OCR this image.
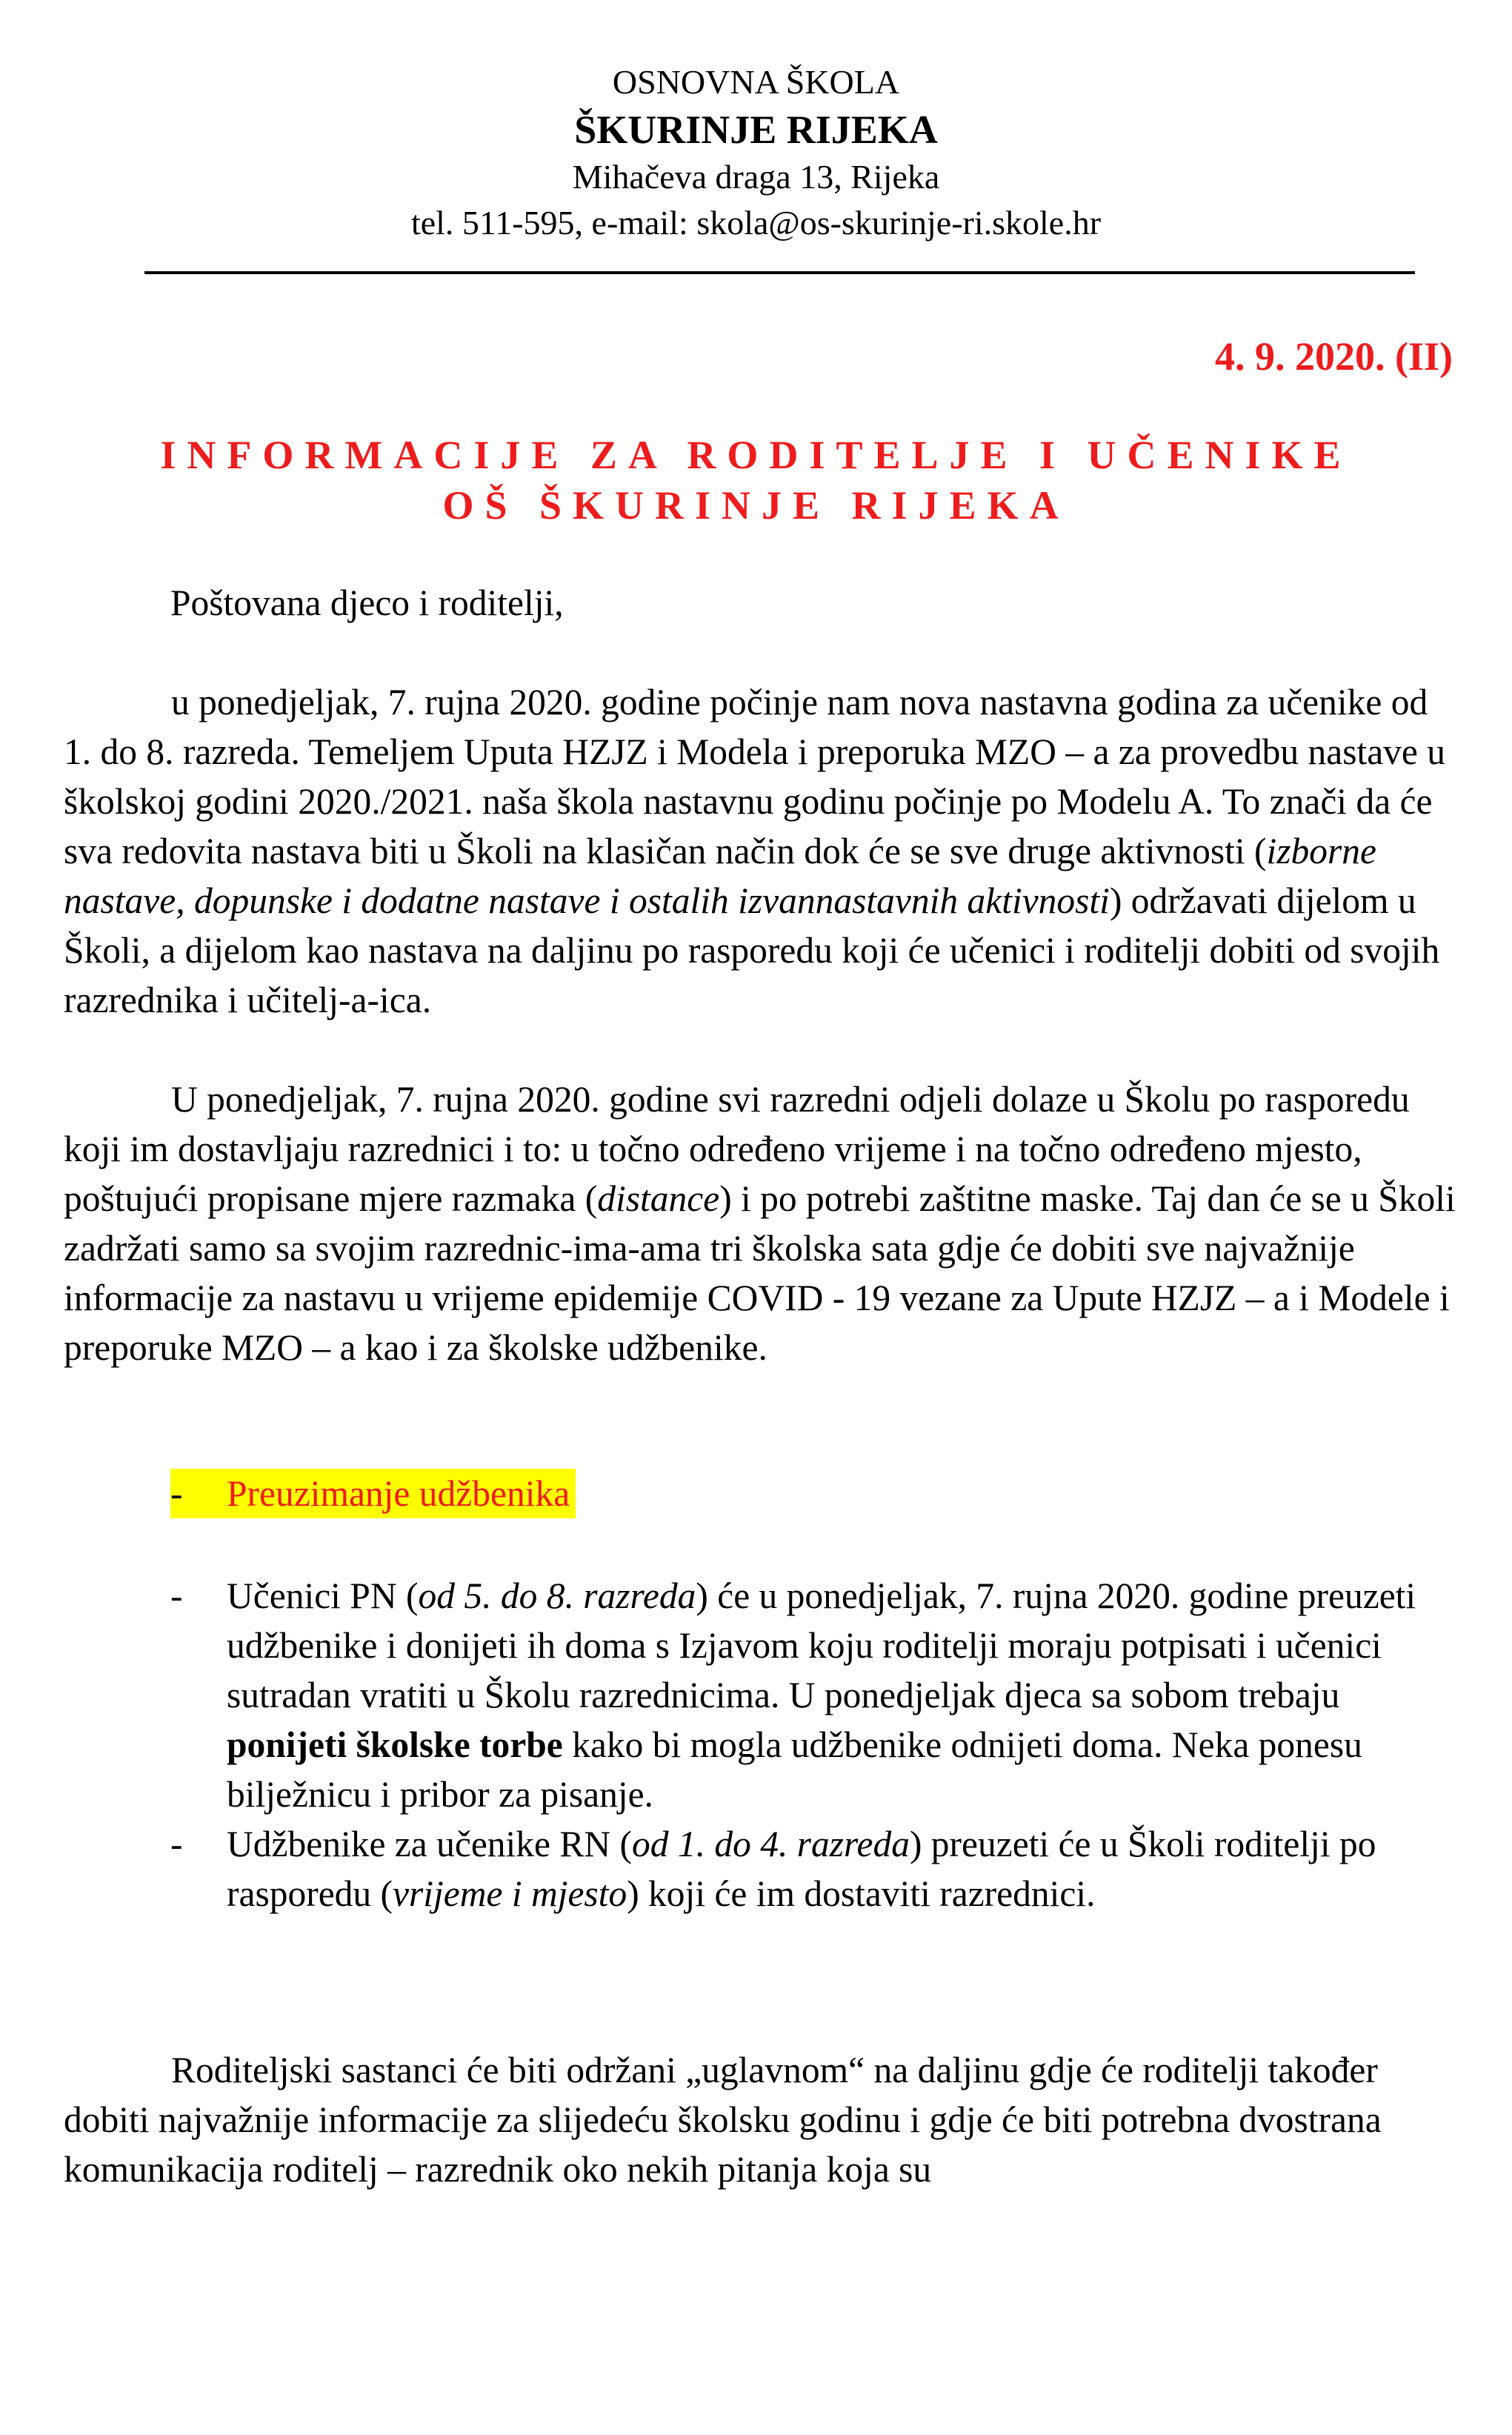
OSNOVNA ŠKOLA
ŠKURINJE RIJEKA
Mihačeva draga 13, Rijeka
tel. 511-595, e-mail: skola@os-skurinje-ri.skole.hr
4. 9. 2020. (II)
INFORMACIJE ZA RODITELJE I UČENIKE
OŠ ŠKURINJE RIJEKA
Poštovana djeco i roditelji,

u ponedjeljak, 7. rujna 2020. godine počinje nam nova nastavna godina za učenike od 1. do 8. razreda. Temeljem Uputa HZJZ i Modela i preporuka MZO – a za provedbu nastave u školskoj godini 2020./2021. naša škola nastavnu godinu počinje po Modelu A. To znači da će sva redovita nastava biti u Školi na klasičan način dok će se sve druge aktivnosti (izborne nastave, dopunske i dodatne nastave i ostalih izvannastavnih aktivnosti) održavati dijelom u Školi, a dijelom kao nastava na daljinu po rasporedu koji će učenici i roditelji dobiti od svojih razrednika i učitelj-a-ica.

U ponedjeljak, 7. rujna 2020. godine svi razredni odjeli dolaze u Školu po rasporedu koji im dostavljaju razrednici i to: u točno određeno vrijeme i na točno određeno mjesto, poštujući propisane mjere razmaka (distance) i po potrebi zaštitne maske. Taj dan će se u Školi zadržati samo sa svojim razrednic-ima-ama tri školska sata gdje će dobiti sve najvažnije informacije za nastavu u vrijeme epidemije COVID - 19 vezane za Upute HZJZ – a i Modele i preporuke MZO – a kao i za školske udžbenike.

- Preuzimanje udžbenika
- Učenici PN (od 5. do 8. razreda) će u ponedjeljak, 7. rujna 2020. godine preuzeti udžbenike i donijeti ih doma s Izjavom koju roditelji moraju potpisati i učenici sutradan vratiti u Školu razrednicima. U ponedjeljak djeca sa sobom trebaju ponijeti školske torbe kako bi mogla udžbenike odnijeti doma. Neka ponesu bilježnicu i pribor za pisanje.
- Udžbenike za učenike RN (od 1. do 4. razreda) preuzeti će u Školi roditelji po rasporedu (vrijeme i mjesto) koji će im dostaviti razrednici.

Roditeljski sastanci će biti održani „uglavnom“ na daljinu gdje će roditelji također dobiti najvažnije informacije za slijedeću školsku godinu i gdje će biti potrebna dvostrana komunikacija roditelj – razrednik oko nekih pitanja koja su
